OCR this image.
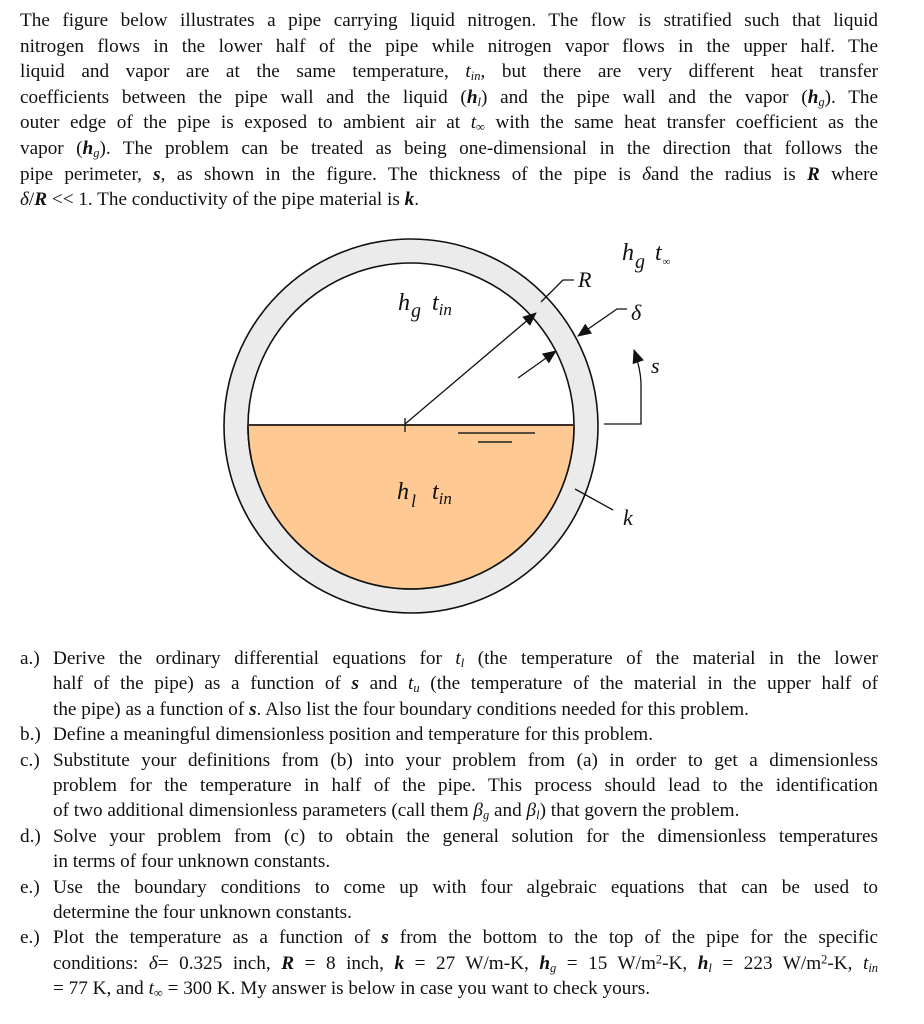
The figure below illustrates a pipe carrying liquid nitrogen. The flow is stratified such that liquid
nitrogen flows in the lower half of the pipe while nitrogen vapor flows in the upper half. The
liquid and vapor are at the same temperature, $t_{in}$, but there are very different heat transfer
coefficients between the pipe wall and the liquid $(h_l)$ and the pipe wall and the vapor $(h_g)$. The
outer edge of the pipe is exposed to ambient air at $t_\infty$ with the same heat transfer coefficient as the
vapor $(h_g)$. The problem can be treated as being one-dimensional in the direction that follows the
pipe perimeter, s, as shown in the figure. The thickness of the pipe is δand the radius is R where
δ/R << 1. The conductivity of the pipe material is k.
$h_g$ $t_\infty$
R
δ
s
k
$h_g$ $t_{in}$
h $_l$ $t_{in}$
a.) Derive the ordinary differential equations for $t_l$ (the temperature of the material in the lower
half of the pipe) as a function of s and $t_u$ (the temperature of the material in the upper half of
the pipe) as a function of s. Also list the four boundary conditions needed for this problem.
b.) Define a meaningful dimensionless position and temperature for this problem.
c.) Substitute your definitions from (b) into your problem from (a) in order to get a dimensionless
problem for the temperature in half of the pipe. This process should lead to the identification
of two additional dimensionless parameters (call them $\beta_g$ and $\beta_l$) that govern the problem.
d.) Solve your problem from (c) to obtain the general solution for the dimensionless temperatures
in terms of four unknown constants.
e.) Use the boundary conditions to come up with four algebraic equations that can be used to
determine the four unknown constants.
e.) Plot the temperature as a function of s from the bottom to the top of the pipe for the specific
conditions: δ= 0.325 inch, R = 8 inch, k = 27 W/m-K, $h_g = 15$ $W/m^2-K$, $h_l = 223$ $W/m^2-K$, $t_{in}$
= 77 K, and $t_\infty = 300$ K. My answer is below in case you want to check yours.
